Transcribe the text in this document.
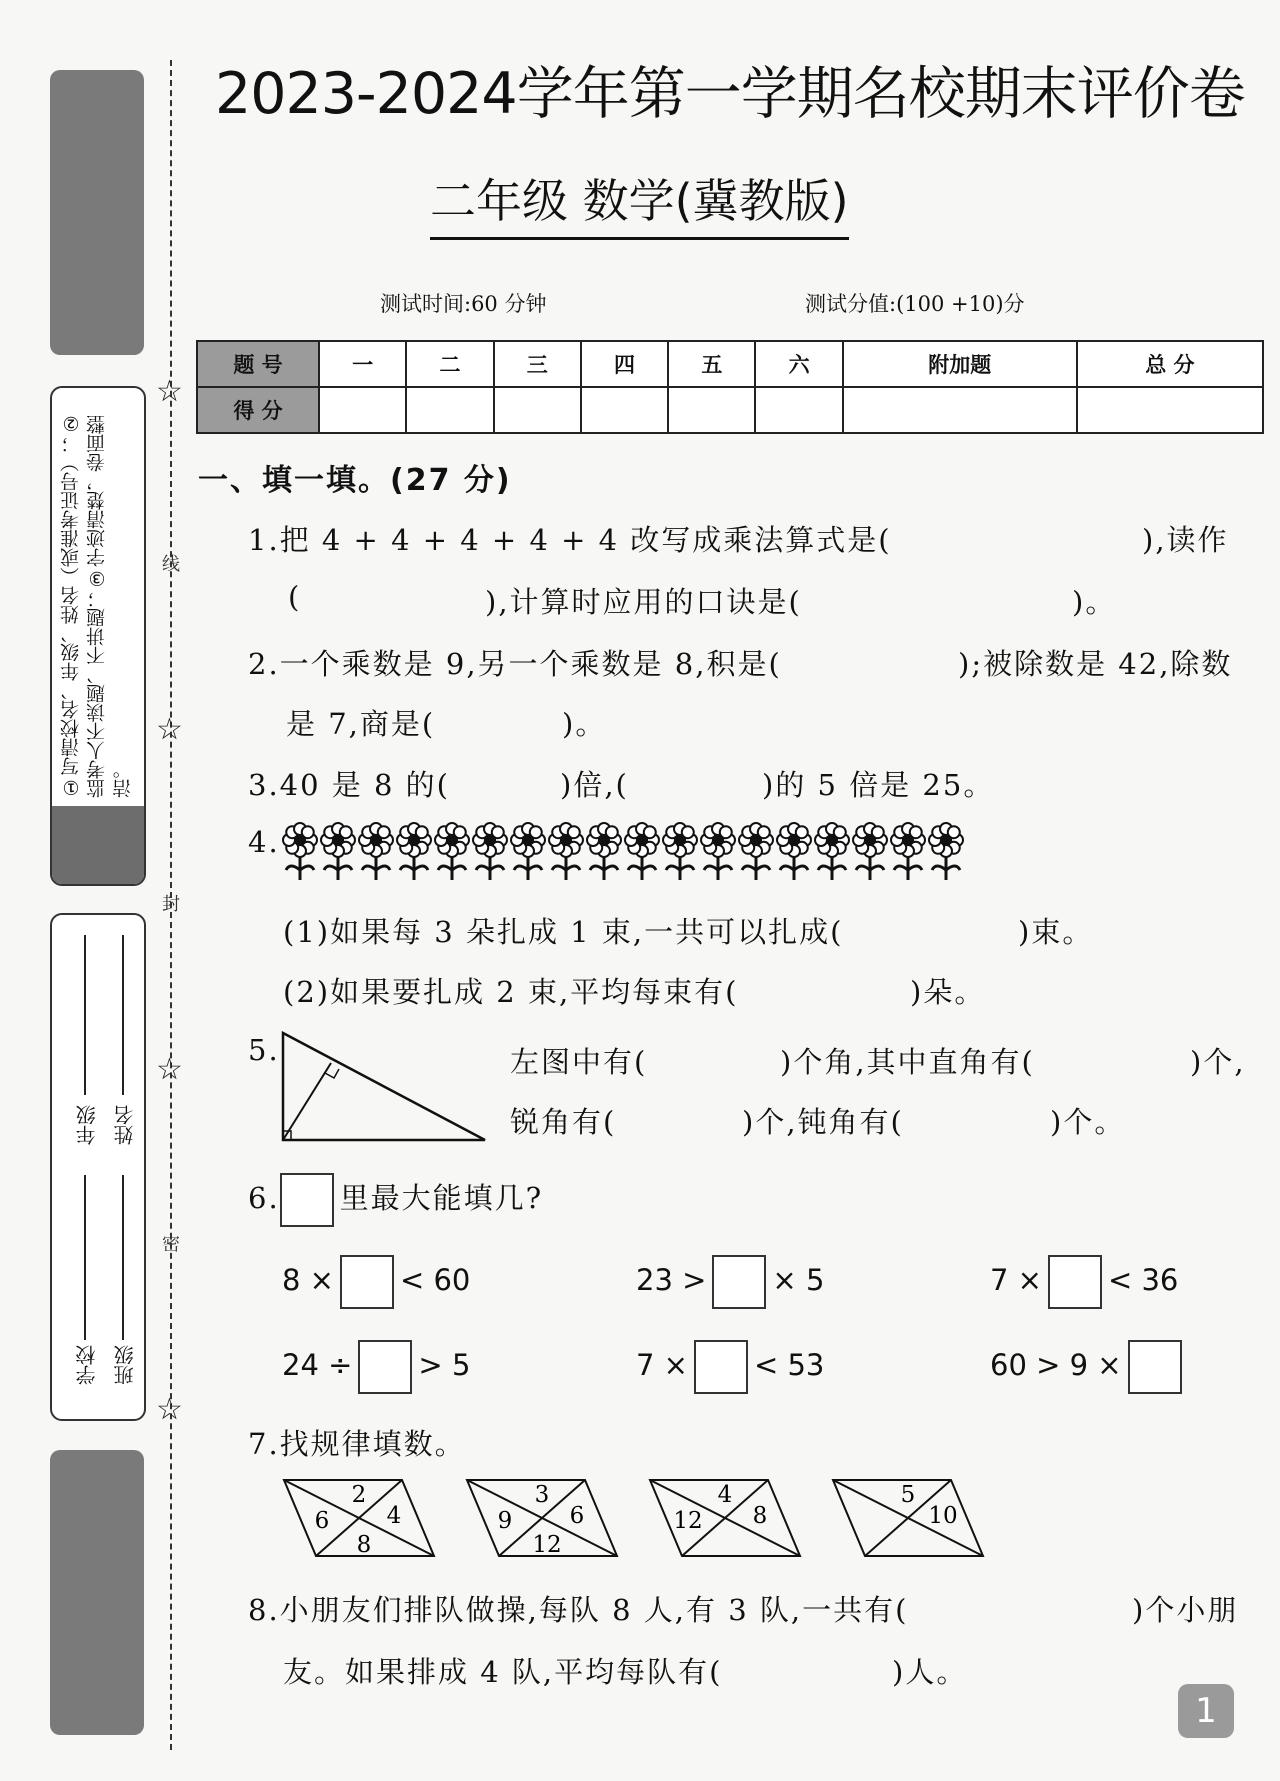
①写清校名、年级、姓名（或准考证号）；②监考人不读题、不讲题；③字迹清楚，卷面整洁。
年级 姓名
学校 班级
☆
☆
☆
☆
线
封
密
2023-2024学年第一学期名校期末评价卷
二年级 数学(冀教版)
测试时间:60 分钟	测试分值:(100 +10)分
题 号	一	二	三	四	五	六	附加题	总 分
得 分								
一、填一填。(27 分)
1.把 4 + 4 + 4 + 4 + 4 改写成乘法算式是(	),读作
(	),计算时应用的口诀是(	)。
2.一个乘数是 9,另一个乘数是 8,积是(	);被除数是 42,除数
是 7,商是(	)。
3.40 是 8 的(	)倍,(	)的 5 倍是 25。
4.
(1)如果每 3 朵扎成 1 束,一共可以扎成(	)束。
(2)如果要扎成 2 束,平均每束有(	)朵。
5.	左图中有(	)个角,其中直角有(	)个,
锐角有(	)个,钝角有(	)个。
6. 里最大能填几?
8 × < 60	23 > × 5	7 × < 36
24 ÷ > 5	7 × < 53	60 > 9 ×
7.找规律填数。
2
6 4
8
3
9 6
12
4
12 8
5
10
8.小朋友们排队做操,每队 8 人,有 3 队,一共有(	)个小朋
友。如果排成 4 队,平均每队有(	)人。
1
